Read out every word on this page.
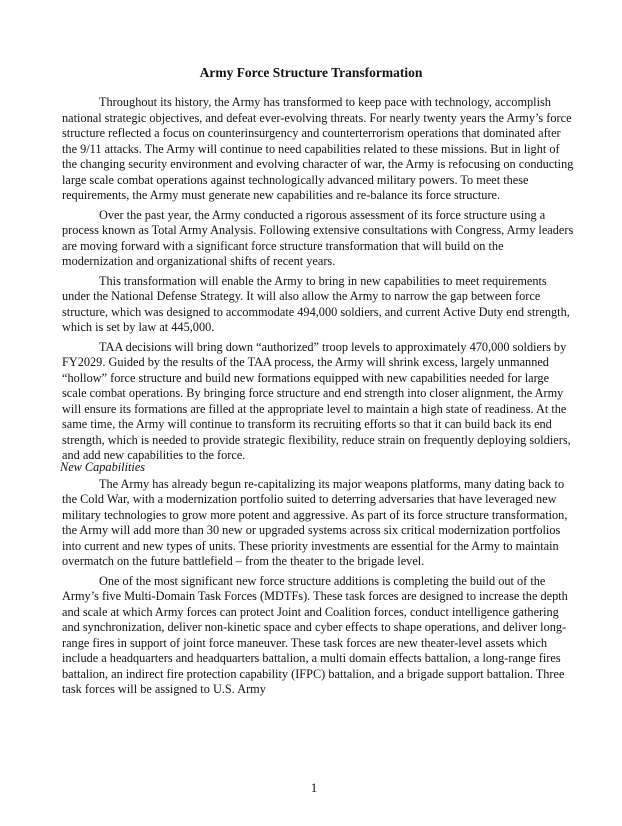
Army Force Structure Transformation

Throughout its history, the Army has transformed to keep pace with technology, accomplish national strategic objectives, and defeat ever-evolving threats. For nearly twenty years the Army’s force structure reflected a focus on counterinsurgency and counterterrorism operations that dominated after the 9/11 attacks. The Army will continue to need capabilities related to these missions. But in light of the changing security environment and evolving character of war, the Army is refocusing on conducting large scale combat operations against technologically advanced military powers. To meet these requirements, the Army must generate new capabilities and re-balance its force structure.

Over the past year, the Army conducted a rigorous assessment of its force structure using a process known as Total Army Analysis. Following extensive consultations with Congress, Army leaders are moving forward with a significant force structure transformation that will build on the modernization and organizational shifts of recent years.

This transformation will enable the Army to bring in new capabilities to meet requirements under the National Defense Strategy. It will also allow the Army to narrow the gap between force structure, which was designed to accommodate 494,000 soldiers, and current Active Duty end strength, which is set by law at 445,000.

TAA decisions will bring down “authorized” troop levels to approximately 470,000 soldiers by FY2029. Guided by the results of the TAA process, the Army will shrink excess, largely unmanned “hollow” force structure and build new formations equipped with new capabilities needed for large scale combat operations. By bringing force structure and end strength into closer alignment, the Army will ensure its formations are filled at the appropriate level to maintain a high state of readiness. At the same time, the Army will continue to transform its recruiting efforts so that it can build back its end strength, which is needed to provide strategic flexibility, reduce strain on frequently deploying soldiers, and add new capabilities to the force.

New Capabilities

The Army has already begun re-capitalizing its major weapons platforms, many dating back to the Cold War, with a modernization portfolio suited to deterring adversaries that have leveraged new military technologies to grow more potent and aggressive. As part of its force structure transformation, the Army will add more than 30 new or upgraded systems across six critical modernization portfolios into current and new types of units. These priority investments are essential for the Army to maintain overmatch on the future battlefield – from the theater to the brigade level.

One of the most significant new force structure additions is completing the build out of the Army’s five Multi-Domain Task Forces (MDTFs). These task forces are designed to increase the depth and scale at which Army forces can protect Joint and Coalition forces, conduct intelligence gathering and synchronization, deliver non-kinetic space and cyber effects to shape operations, and deliver long-range fires in support of joint force maneuver. These task forces are new theater-level assets which include a headquarters and headquarters battalion, a multi domain effects battalion, a long-range fires battalion, an indirect fire protection capability (IFPC) battalion, and a brigade support battalion. Three task forces will be assigned to U.S. Army

1
